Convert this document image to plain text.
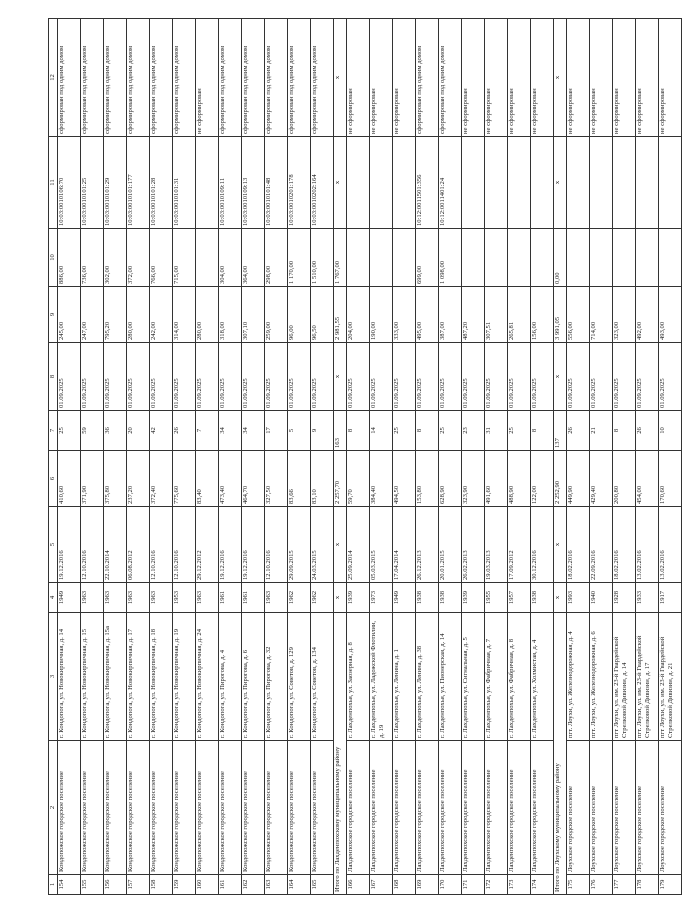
1	2	3	4	5	6	7	8	9	10	11	12
154	Кондопожское городское поселение	г. Кондопога, ул. Новокирпичная, д. 14	1949	19.12.2016	410,60	25	01.09.2025	245,00	886,00	10:03:0010106:70	сформирован под одним домом
155	Кондопожское городское поселение	г. Кондопога, ул. Новокирпичная, д. 15	1963	12.10.2016	371,90	59	01.09.2025	247,00	736,00	10:03:0010101:25	сформирован под одним домом
156	Кондопожское городское поселение	г. Кондопога, ул. Новокирпичная, д. 15а	1963	22.10.2014	375,80	36	01.09.2025	795,20	302,00	10:03:0010101:29	сформирован под одним домом
157	Кондопожское городское поселение	г. Кондопога, ул. Новокирпичная, д. 17	1963	06.08.2012	237,20	20	01.09.2025	280,00	372,00	10:03:0010101:177	сформирован под одним домом
158	Кондопожское городское поселение	г. Кондопога, ул. Новокирпичная, д. 18	1963	12.10.2016	372,40	42	01.09.2025	242,00	766,00	10:03:0010101:28	сформирован под одним домом
159	Кондопожское городское поселение	г. Кондопога, ул. Новокирпичная, д. 19	1953	12.10.2016	775,60	26	01.09.2025	314,00	715,00	10:03:0010101:31	сформирован под одним домом
160	Кондопожское городское поселение	г. Кондопога, ул. Новокирпичная, д. 24	1963	29.12.2012	83,40	7	01.09.2025	280,00			не сформирован
161	Кондопожское городское поселение	г. Кондопога, ул. Пирогова, д. 4	1961	19.12.2016	473,40	34	01.09.2025	318,00	304,00	10:03:0010109:11	сформирован под одним домом
162	Кондопожское городское поселение	г. Кондопога, ул. Пирогова, д. 6	1961	19.12.2016	464,70	34	01.09.2025	307,10	364,00	10:03:0010109:13	сформирован под одним домом
163	Кондопожское городское поселение	г. Кондопога, ул. Пирогова, д. 32	1963	12.10.2016	327,50	17	01.09.2025	259,00	298,00	10:03:0010101:48	сформирован под одним домом
164	Кондопожское городское поселение	г. Кондопога, ул. Советов, д. 129	1962	29.09.2015	83,66	5	01.09.2025	96,00	1 170,00	10:03:0010201:178	сформирован под одним домом
165	Кондопожское городское поселение	г. Кондопога, ул. Советов, д. 134	1962	24.03.2015	83,10	9	01.09.2025	96,50	1 510,00	10:03:0010202:164	сформирован под одним домом
Итого по Лахденпохскому муниципальному району			x	x	2 257,70	163	x	2 981,55	1 767,00	x	x
166	Лахденпохское городское поселение	г. Лахденпохья, ул. Заозерная, д. 8	1939	25.09.2014	59,70	8	01.09.2025	204,00			не сформирован
167	Лахденпохское городское поселение	г. Лахденпохья, ул. Ладожской Флотилии, д. 19	1973	05.03.2015	384,40	14	01.09.2025	190,00			не сформирован
168	Лахденпохское городское поселение	г. Лахденпохья, ул. Ленина, д. 1	1949	17.04.2014	494,50	25	01.09.2025	333,00			не сформирован
169	Лахденпохское городское поселение	г. Лахденпохья, ул. Ленина, д. 38	1938	26.12.2013	153,80	8	01.09.2025	495,00	699,00	10:12:0011501:356	сформирован под одним домом
170	Лахденпохское городское поселение	г. Лахденпохья, ул. Пионерская, д. 14	1938	20.01.2015	628,90	25	01.09.2025	387,00	1 098,00	10:12:0011401:24	сформирован под одним домом
171	Лахденпохское городское поселение	г. Лахденпохья, ул. Сигнальная, д. 5	1939	26.02.2013	323,90	23	01.09.2025	487,20			не сформирован
172	Лахденпохское городское поселение	г. Лахденпохья, ул. Фабричная, д. 7	1955	19.03.2013	491,60	31	01.09.2025	307,51			не сформирован
173	Лахденпохское городское поселение	г. Лахденпохья, ул. Фабричная, д. 8	1957	17.09.2012	488,90	25	01.09.2025	265,81			не сформирован
174	Лахденпохское городское поселение	г. Лахденпохья, ул. Холмистая, д. 4	1938	30.12.2016	122,00	8	01.09.2025	156,00			не сформирован
Итого по Лоухскому муниципальному району			x	x	2 252,90	137	x	3 991,05	0,00	x	x
175	Лоухское городское поселение	пгт. Лоухи, ул. Железнодорожная, д. 4	1993	18.02.2016	449,90	26	01.09.2025	556,00			не сформирован
176	Лоухское городское поселение	пгт. Лоухи, ул. Железнодорожная, д. 6	1940	22.09.2016	429,40	21	01.09.2025	714,00			не сформирован
177	Лоухское городское поселение	пгт Лоухи, ул. им. 23-й Гвардейской Стрелковой Дивизии, д. 14	1928	18.02.2016	200,80	8	01.09.2025	323,00			не сформирован
178	Лоухское городское поселение	пгт. Лоухи, ул. им. 23-й Гвардейской Стрелковой Дивизии, д. 17	1933	13.02.2016	454,00	26	01.09.2025	492,00			не сформирован
179	Лоухское городское поселение	пгт Лоухи, ул. им. 23-й Гвардейской Стрелковой Дивизии, д. 21	1917	13.02.2016	170,60	10	01.09.2025	493,00			не сформирован
